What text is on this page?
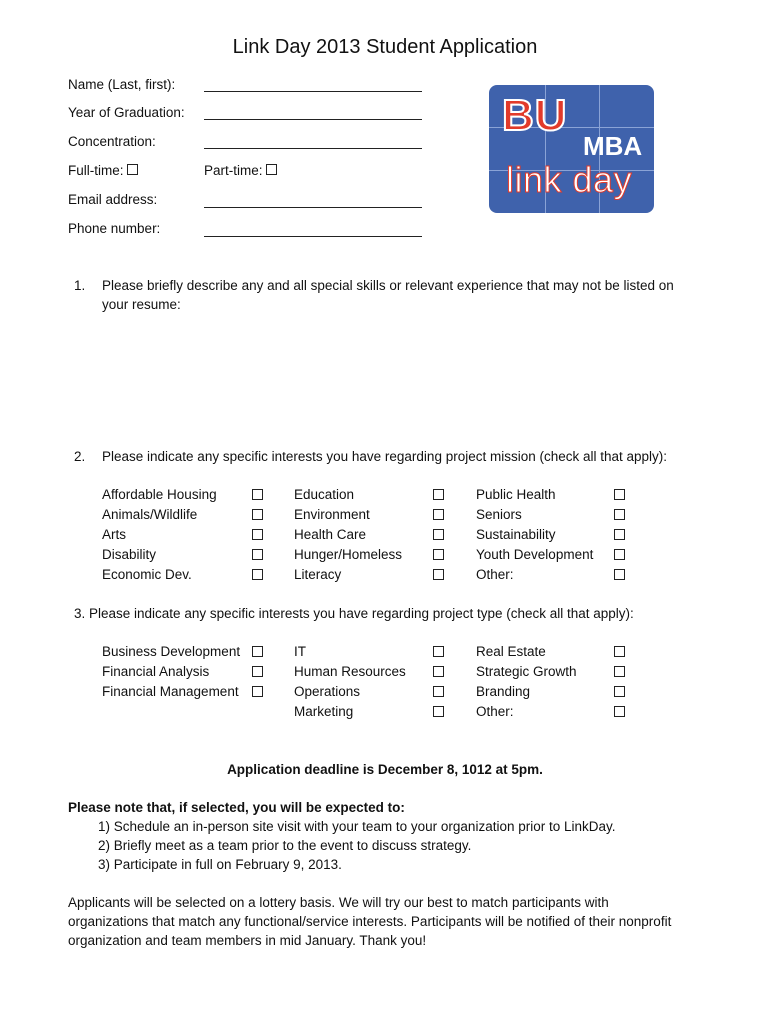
Link Day 2013 Student Application
Name (Last, first):
Year of Graduation:
Concentration:
Full-time:	Part-time:
Email address:
Phone number:
BU
MBA
link day
1. Please briefly describe any and all special skills or relevant experience that may not be listed on
your resume:
2. Please indicate any specific interests you have regarding project mission (check all that apply):
Affordable Housing
Animals/Wildlife
Arts
Disability
Economic Dev.
Education
Environment
Health Care
Hunger/Homeless
Literacy
Public Health
Seniors
Sustainability
Youth Development
Other:
3. Please indicate any specific interests you have regarding project type (check all that apply):
Business Development
Financial Analysis
Financial Management
IT
Human Resources
Operations
Marketing
Real Estate
Strategic Growth
Branding
Other:
Application deadline is December 8, 1012 at 5pm.
Please note that, if selected, you will be expected to:
1) Schedule an in-person site visit with your team to your organization prior to LinkDay.
2) Briefly meet as a team prior to the event to discuss strategy.
3) Participate in full on February 9, 2013.
Applicants will be selected on a lottery basis. We will try our best to match participants with
organizations that match any functional/service interests. Participants will be notified of their nonprofit
organization and team members in mid January. Thank you!
